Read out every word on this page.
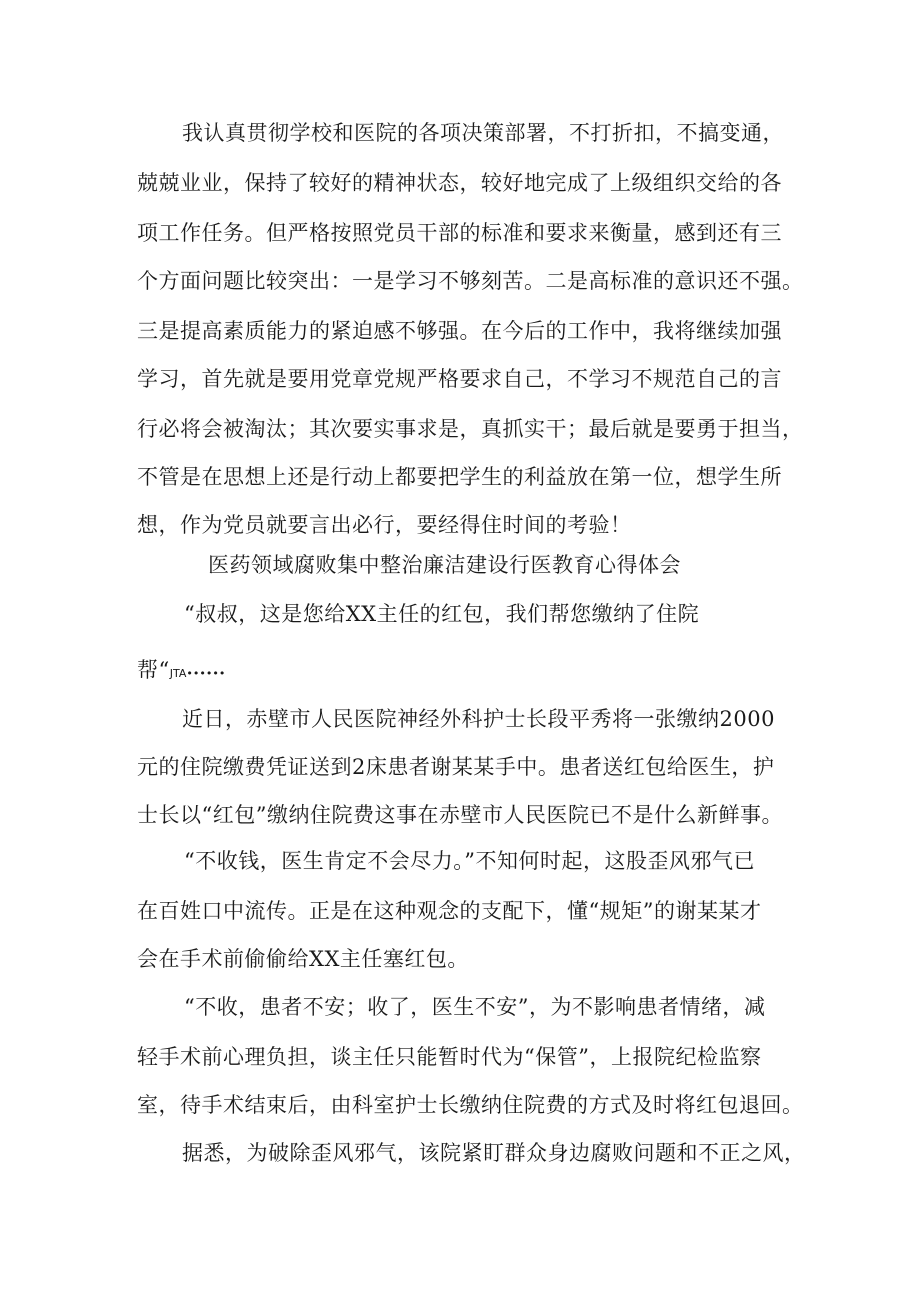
我认真贯彻学校和医院的各项决策部署，不打折扣，不搞变通，
兢兢业业，保持了较好的精神状态，较好地完成了上级组织交给的各
项工作任务。但严格按照党员干部的标准和要求来衡量，感到还有三
个方面问题比较突出：一是学习不够刻苦。二是高标准的意识还不强。
三是提高素质能力的紧迫感不够强。在今后的工作中，我将继续加强
学习，首先就是要用党章党规严格要求自己，不学习不规范自己的言
行必将会被淘汰；其次要实事求是，真抓实干；最后就是要勇于担当，
不管是在思想上还是行动上都要把学生的利益放在第一位，想学生所
想，作为党员就要言出必行，要经得住时间的考验！
医药领域腐败集中整治廉洁建设行医教育心得体会
“叔叔，这是您给XX主任的红包，我们帮您缴纳了住院
帮“JTA••••••
近日，赤壁市人民医院神经外科护士长段平秀将一张缴纳2000
元的住院缴费凭证送到2床患者谢某某手中。患者送红包给医生，护
士长以“红包”缴纳住院费这事在赤壁市人民医院已不是什么新鲜事。
“不收钱，医生肯定不会尽力。”不知何时起，这股歪风邪气已
在百姓口中流传。正是在这种观念的支配下，懂“规矩”的谢某某才
会在手术前偷偷给XX主任塞红包。
“不收，患者不安；收了，医生不安”，为不影响患者情绪，减
轻手术前心理负担，谈主任只能暂时代为“保管”，上报院纪检监察
室，待手术结束后，由科室护士长缴纳住院费的方式及时将红包退回。
据悉，为破除歪风邪气，该院紧盯群众身边腐败问题和不正之风，
